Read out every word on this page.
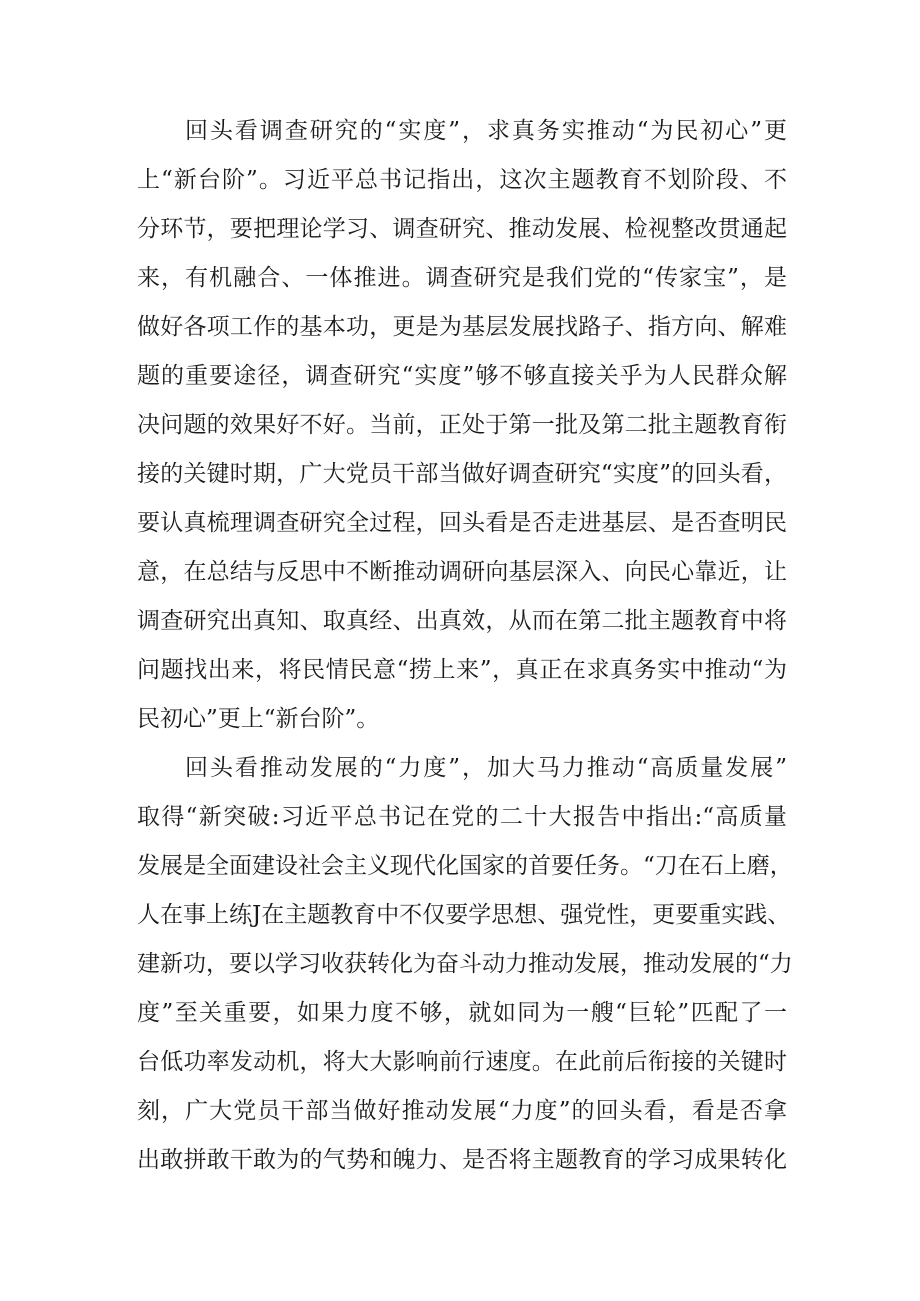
回头看调查研究的“实度”，求真务实推动“为民初心”更
上“新台阶”。习近平总书记指出，这次主题教育不划阶段、不
分环节，要把理论学习、调查研究、推动发展、检视整改贯通起
来，有机融合、一体推进。调查研究是我们党的“传家宝”，是
做好各项工作的基本功，更是为基层发展找路子、指方向、解难
题的重要途径，调查研究“实度”够不够直接关乎为人民群众解
决问题的效果好不好。当前，正处于第一批及第二批主题教育衔
接的关键时期，广大党员干部当做好调查研究“实度”的回头看，
要认真梳理调查研究全过程，回头看是否走进基层、是否查明民
意，在总结与反思中不断推动调研向基层深入、向民心靠近，让
调查研究出真知、取真经、出真效，从而在第二批主题教育中将
问题找出来，将民情民意“捞上来”，真正在求真务实中推动“为
民初心”更上“新台阶”。
回头看推动发展的“力度”，加大马力推动“高质量发展”
取得“新突破:习近平总书记在党的二十大报告中指出:“高质量
发展是全面建设社会主义现代化国家的首要任务。“刀在石上磨，
人在事上练J在主题教育中不仅要学思想、强党性，更要重实践、
建新功，要以学习收获转化为奋斗动力推动发展，推动发展的“力
度”至关重要，如果力度不够，就如同为一艘“巨轮”匹配了一
台低功率发动机，将大大影响前行速度。在此前后衔接的关键时
刻，广大党员干部当做好推动发展“力度”的回头看，看是否拿
出敢拼敢干敢为的气势和魄力、是否将主题教育的学习成果转化
